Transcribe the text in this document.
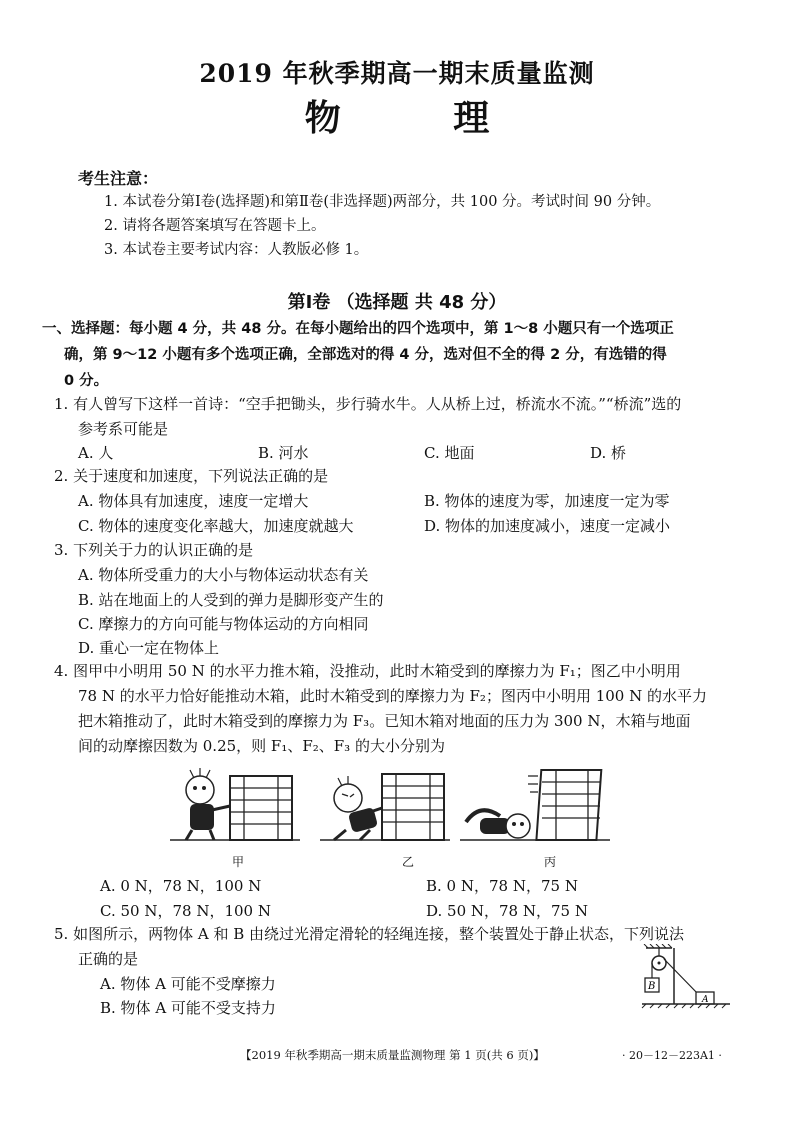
2019 年秋季期高一期末质量监测
物 理
考生注意：
1. 本试卷分第Ⅰ卷(选择题)和第Ⅱ卷(非选择题)两部分，共 100 分。考试时间 90 分钟。
2. 请将各题答案填写在答题卡上。
3. 本试卷主要考试内容：人教版必修 1。
第Ⅰ卷 （选择题 共 48 分）
一、选择题：每小题 4 分，共 48 分。在每小题给出的四个选项中，第 1～8 小题只有一个选项正
确，第 9～12 小题有多个选项正确，全部选对的得 4 分，选对但不全的得 2 分，有选错的得
0 分。
1. 有人曾写下这样一首诗：“空手把锄头，步行骑水牛。人从桥上过，桥流水不流。”“桥流”选的
参考系可能是
A. 人	B. 河水	C. 地面	D. 桥
2. 关于速度和加速度，下列说法正确的是
A. 物体具有加速度，速度一定增大	B. 物体的速度为零，加速度一定为零
C. 物体的速度变化率越大，加速度就越大	D. 物体的加速度减小，速度一定减小
3. 下列关于力的认识正确的是
A. 物体所受重力的大小与物体运动状态有关
B. 站在地面上的人受到的弹力是脚形变产生的
C. 摩擦力的方向可能与物体运动的方向相同
D. 重心一定在物体上
4. 图甲中小明用 50 N 的水平力推木箱，没推动，此时木箱受到的摩擦力为 F₁；图乙中小明用
78 N 的水平力恰好能推动木箱，此时木箱受到的摩擦力为 F₂；图丙中小明用 100 N 的水平力
把木箱推动了，此时木箱受到的摩擦力为 F₃。已知木箱对地面的压力为 300 N，木箱与地面
间的动摩擦因数为 0.25，则 F₁、F₂、F₃ 的大小分别为
甲	乙	丙
A. 0 N，78 N，100 N	B. 0 N，78 N，75 N
C. 50 N，78 N，100 N	D. 50 N，78 N，75 N
5. 如图所示，两物体 A 和 B 由绕过光滑定滑轮的轻绳连接，整个装置处于静止状态，下列说法
正确的是
A. 物体 A 可能不受摩擦力
B. 物体 A 可能不受支持力
B
A
【2019 年秋季期高一期末质量监测物理 第 1 页(共 6 页)】	· 20－12－223A1 ·
